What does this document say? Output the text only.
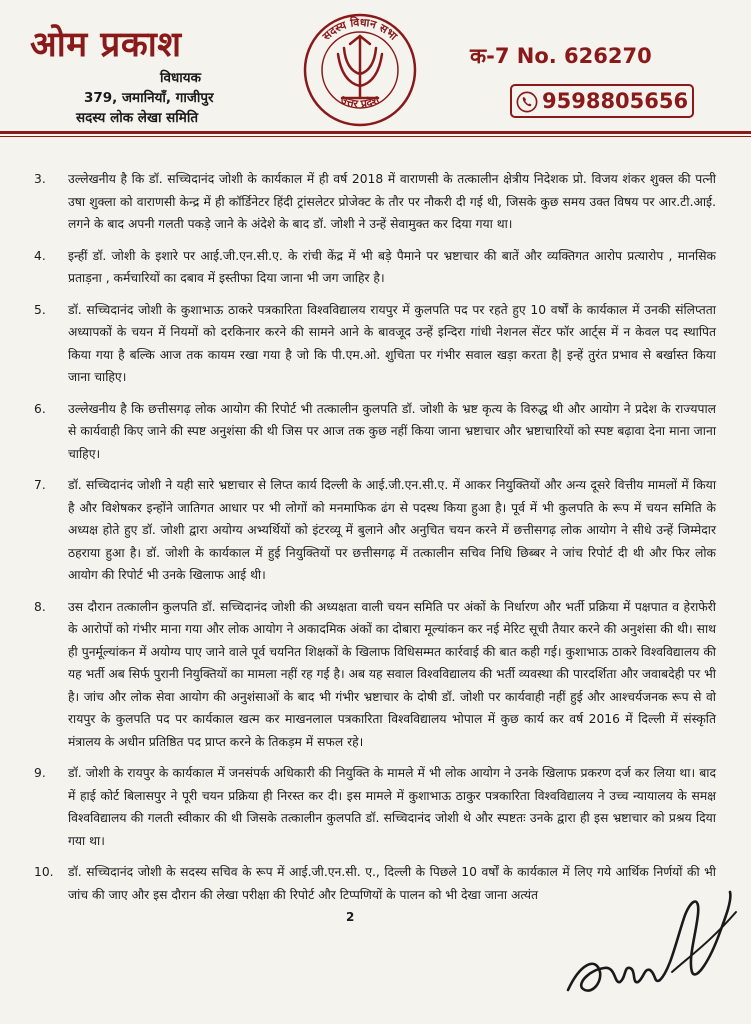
ओम प्रकाश
विधायक
379, जमानियाँ, गाजीपुर
सदस्य लोक लेखा समिति
सदस्य विधान सभा
उत्तर प्रदेश
क-7 No. 626270
9598805656
3. उल्लेखनीय है कि डॉ. सच्चिदानंद जोशी के कार्यकाल में ही वर्ष 2018 में वाराणसी के तत्कालीन क्षेत्रीय निदेशक प्रो. विजय शंकर शुक्ल की पत्नी उषा शुक्ला को वाराणसी केन्द्र में ही कॉर्डिनेटर हिंदी ट्रांसलेटर प्रोजेक्ट के तौर पर नौकरी दी गई थी, जिसके कुछ समय उक्त विषय पर आर.टी.आई. लगने के बाद अपनी गलती पकड़े जाने के अंदेशे के बाद डॉ. जोशी ने उन्हें सेवामुक्त कर दिया गया था।
4. इन्हीं डॉ. जोशी के इशारे पर आई.जी.एन.सी.ए. के रांची केंद्र में भी बड़े पैमाने पर भ्रष्टाचार की बातें और व्यक्तिगत आरोप प्रत्यारोप , मानसिक प्रताड़ना , कर्मचारियों का दबाव में इस्तीफा दिया जाना भी जग जाहिर है।
5. डॉ. सच्चिदानंद जोशी के कुशाभाऊ ठाकरे पत्रकारिता विश्वविद्यालय रायपुर में कुलपति पद पर रहते हुए 10 वर्षों के कार्यकाल में उनकी संलिप्तता अध्यापकों के चयन में नियमों को दरकिनार करने की सामने आने के बावजूद उन्हें इन्दिरा गांधी नेशनल सेंटर फॉर आर्ट्स में न केवल पद स्थापित किया गया है बल्कि आज तक कायम रखा गया है जो कि पी.एम.ओ. शुचिता पर गंभीर सवाल खड़ा करता है| इन्हें तुरंत प्रभाव से बर्खास्त किया जाना चाहिए।
6. उल्लेखनीय है कि छत्तीसगढ़ लोक आयोग की रिपोर्ट भी तत्कालीन कुलपति डॉ. जोशी के भ्रष्ट कृत्य के विरुद्ध थी और आयोग ने प्रदेश के राज्यपाल से कार्यवाही किए जाने की स्पष्ट अनुशंसा की थी जिस पर आज तक कुछ नहीं किया जाना भ्रष्टाचार और भ्रष्टाचारियों को स्पष्ट बढ़ावा देना माना जाना चाहिए।
7. डॉ. सच्चिदानंद जोशी ने यही सारे भ्रष्टाचार से लिप्त कार्य दिल्ली के आई.जी.एन.सी.ए. में आकर नियुक्तियों और अन्य दूसरे वित्तीय मामलों में किया है और विशेषकर इन्होंने जातिगत आधार पर भी लोगों को मनमाफिक ढंग से पदस्थ किया हुआ है। पूर्व में भी कुलपति के रूप में चयन समिति के अध्यक्ष होते हुए डॉ. जोशी द्वारा अयोग्य अभ्यर्थियों को इंटरव्यू में बुलाने और अनुचित चयन करने में छत्तीसगढ़ लोक आयोग ने सीधे उन्हें जिम्मेदार ठहराया हुआ है। डॉ. जोशी के कार्यकाल में हुई नियुक्तियों पर छत्तीसगढ़ में तत्कालीन सचिव निधि छिब्बर ने जांच रिपोर्ट दी थी और फिर लोक आयोग की रिपोर्ट भी उनके खिलाफ आई थी।
8. उस दौरान तत्कालीन कुलपति डॉ. सच्चिदानंद जोशी की अध्यक्षता वाली चयन समिति पर अंकों के निर्धारण और भर्ती प्रक्रिया में पक्षपात व हेराफेरी के आरोपों को गंभीर माना गया और लोक आयोग ने अकादमिक अंकों का दोबारा मूल्यांकन कर नई मेरिट सूची तैयार करने की अनुशंसा की थी। साथ ही पुनर्मूल्यांकन में अयोग्य पाए जाने वाले पूर्व चयनित शिक्षकों के खिलाफ विधिसम्मत कार्रवाई की बात कही गई। कुशाभाऊ ठाकरे विश्वविद्यालय की यह भर्ती अब सिर्फ पुरानी नियुक्तियों का मामला नहीं रह गई है। अब यह सवाल विश्वविद्यालय की भर्ती व्यवस्था की पारदर्शिता और जवाबदेही पर भी है। जांच और लोक सेवा आयोग की अनुशंसाओं के बाद भी गंभीर भ्रष्टाचार के दोषी डॉ. जोशी पर कार्यवाही नहीं हुई और आश्चर्यजनक रूप से वो रायपुर के कुलपति पद पर कार्यकाल खत्म कर माखनलाल पत्रकारिता विश्वविद्यालय भोपाल में कुछ कार्य कर वर्ष 2016 में दिल्ली में संस्कृति मंत्रालय के अधीन प्रतिष्ठित पद प्राप्त करने के तिकड़म में सफल रहे।
9. डॉ. जोशी के रायपुर के कार्यकाल में जनसंपर्क अधिकारी की नियुक्ति के मामले में भी लोक आयोग ने उनके खिलाफ प्रकरण दर्ज कर लिया था। बाद में हाई कोर्ट बिलासपुर ने पूरी चयन प्रक्रिया ही निरस्त कर दी। इस मामले में कुशाभाऊ ठाकुर पत्रकारिता विश्वविद्यालय ने उच्च न्यायालय के समक्ष विश्वविद्यालय की गलती स्वीकार की थी जिसके तत्कालीन कुलपति डॉ. सच्चिदानंद जोशी थे और स्पष्टतः उनके द्वारा ही इस भ्रष्टाचार को प्रश्रय दिया गया था।
10. डॉ. सच्चिदानंद जोशी के सदस्य सचिव के रूप में आई.जी.एन.सी. ए., दिल्ली के पिछले 10 वर्षों के कार्यकाल में लिए गये आर्थिक निर्णयों की भी जांच की जाए और इस दौरान की लेखा परीक्षा की रिपोर्ट और टिप्पणियों के पालन को भी देखा जाना अत्यंत
2
